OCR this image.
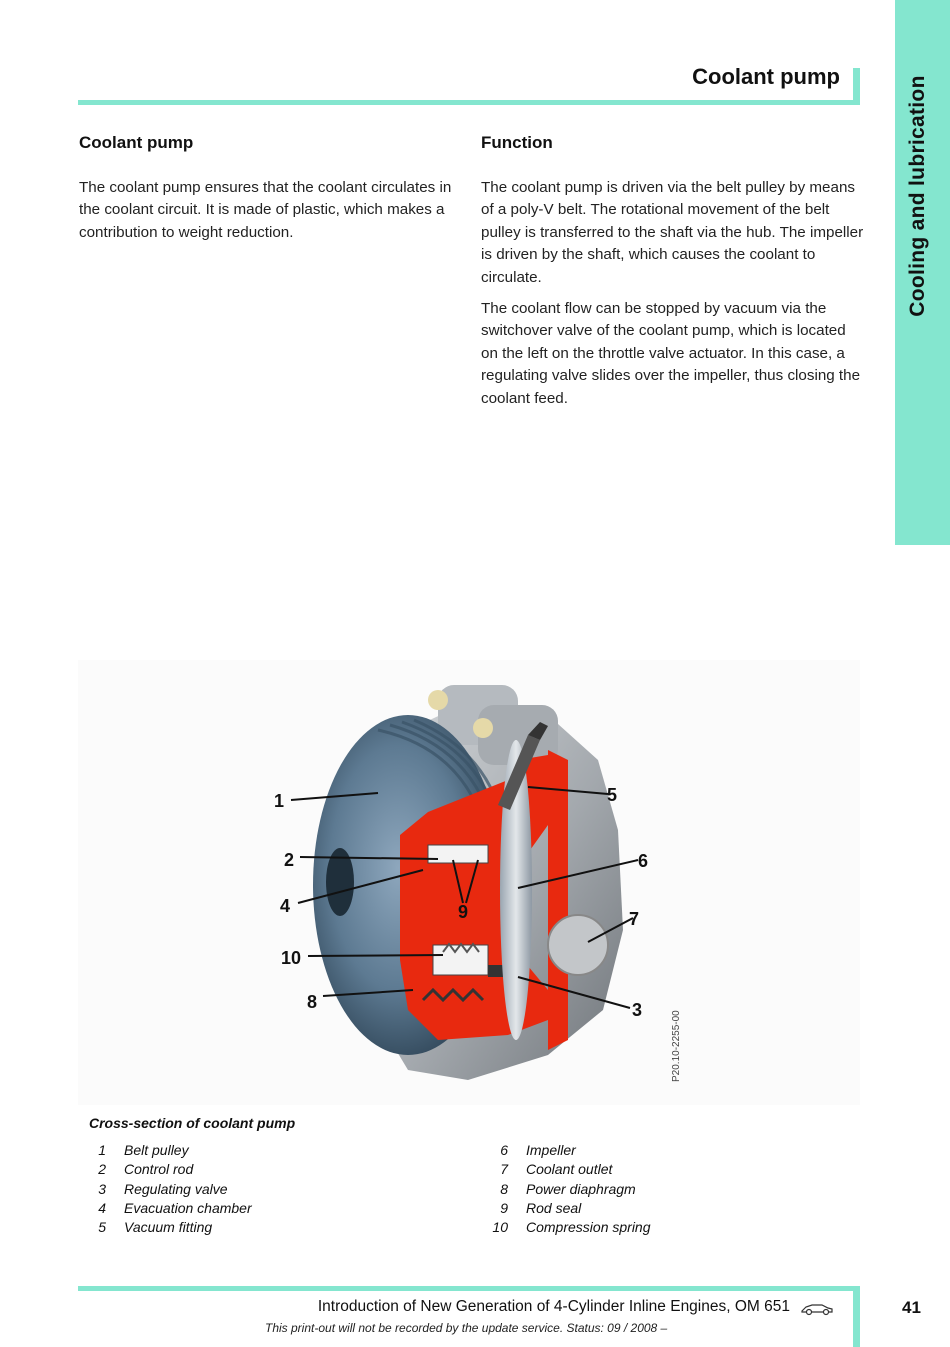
Cooling and lubrication
Coolant pump
Coolant pump

The coolant pump ensures that the coolant circulates in the coolant circuit. It is made of plastic, which makes a contribution to weight reduction.

Function

The coolant pump is driven via the belt pulley by means of a poly-V belt. The rotational movement of the belt pulley is transferred to the shaft via the hub. The impeller is driven by the shaft, which causes the coolant to circulate.

The coolant flow can be stopped by vacuum via the switchover valve of the coolant pump, which is located on the left on the throttle valve actuator. In this case, a regulating valve slides over the impeller, thus closing the coolant feed.

1
2
3
4
5
6
7
8
9
10
P20.10-2255-00
Cross-section of coolant pump
1 Belt pulley
2 Control rod
3 Regulating valve
4 Evacuation chamber
5 Vacuum fitting
6 Impeller
7 Coolant outlet
8 Power diaphragm
9 Rod seal
10 Compression spring
Introduction of New Generation of 4-Cylinder Inline Engines, OM 651	41
This print-out will not be recorded by the update service. Status: 09 / 2008 –
